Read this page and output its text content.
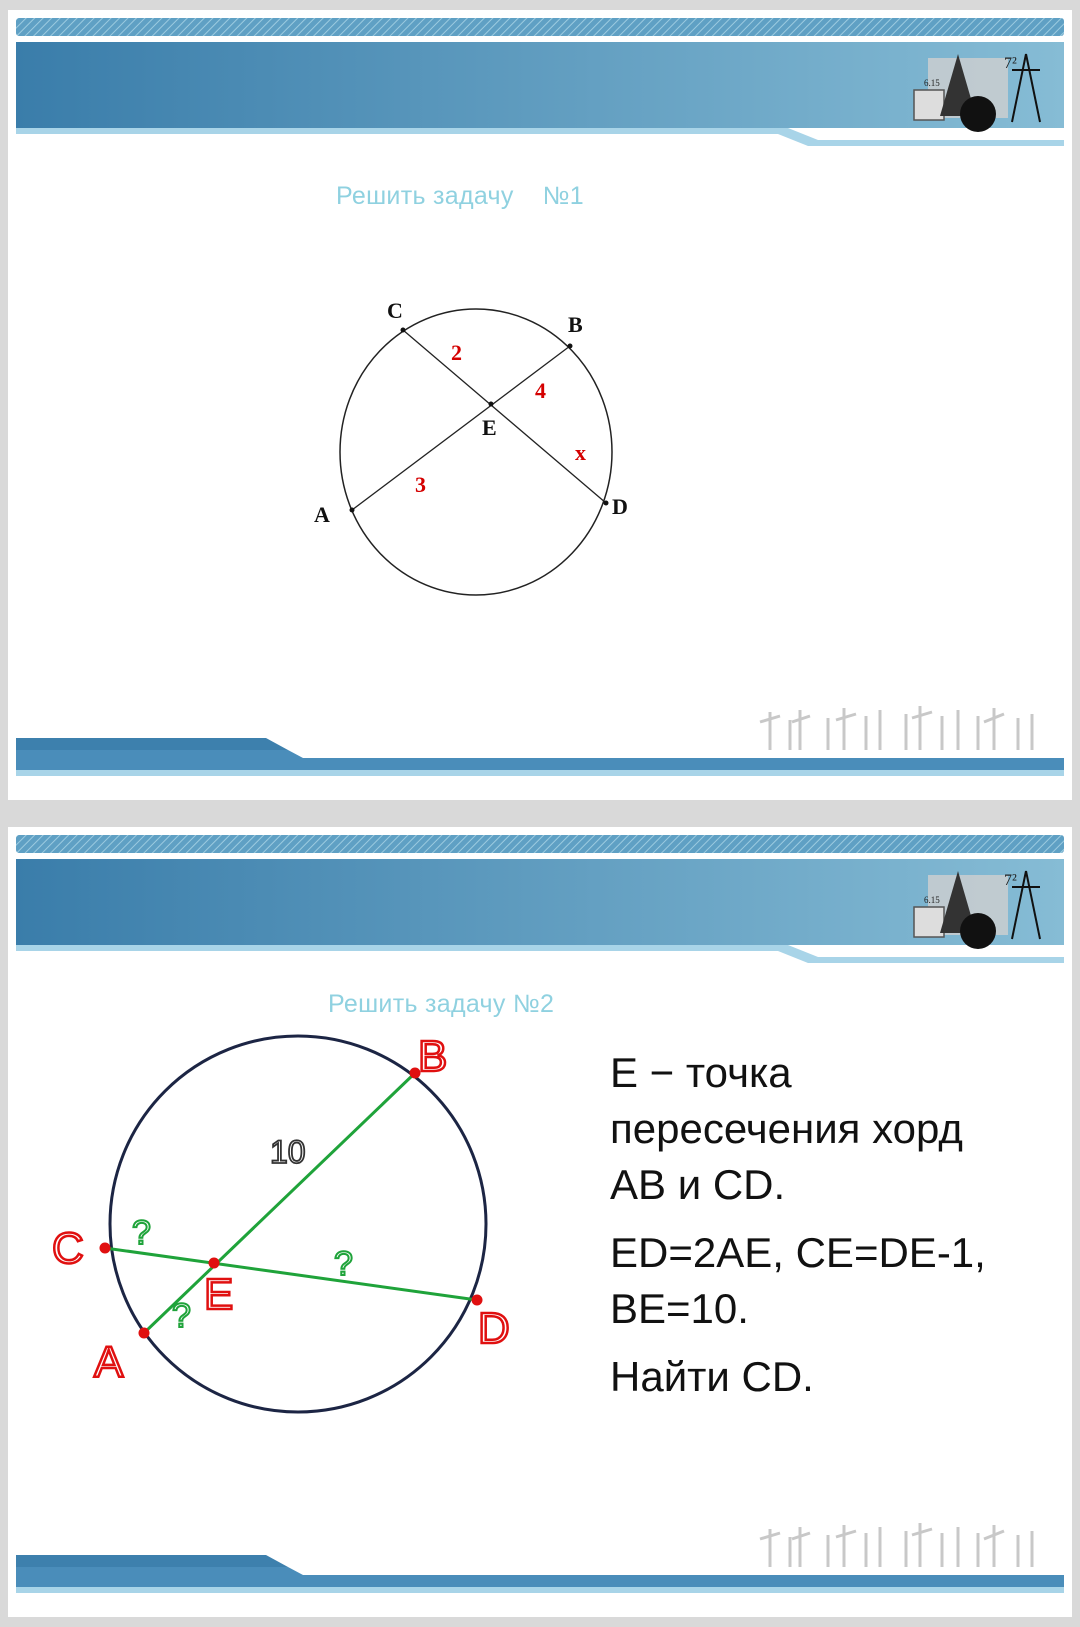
6.15
7²
C
B
A	D
E
2
4
3
x
Решить задачу    №1
6.15
7²
B
C
A
D
E
10
?
?
?
Решить задачу №2

E − точка
пересечения хорд
AB и CD.

ED=2AE, CE=DE-1,
BE=10.

Найти CD.
